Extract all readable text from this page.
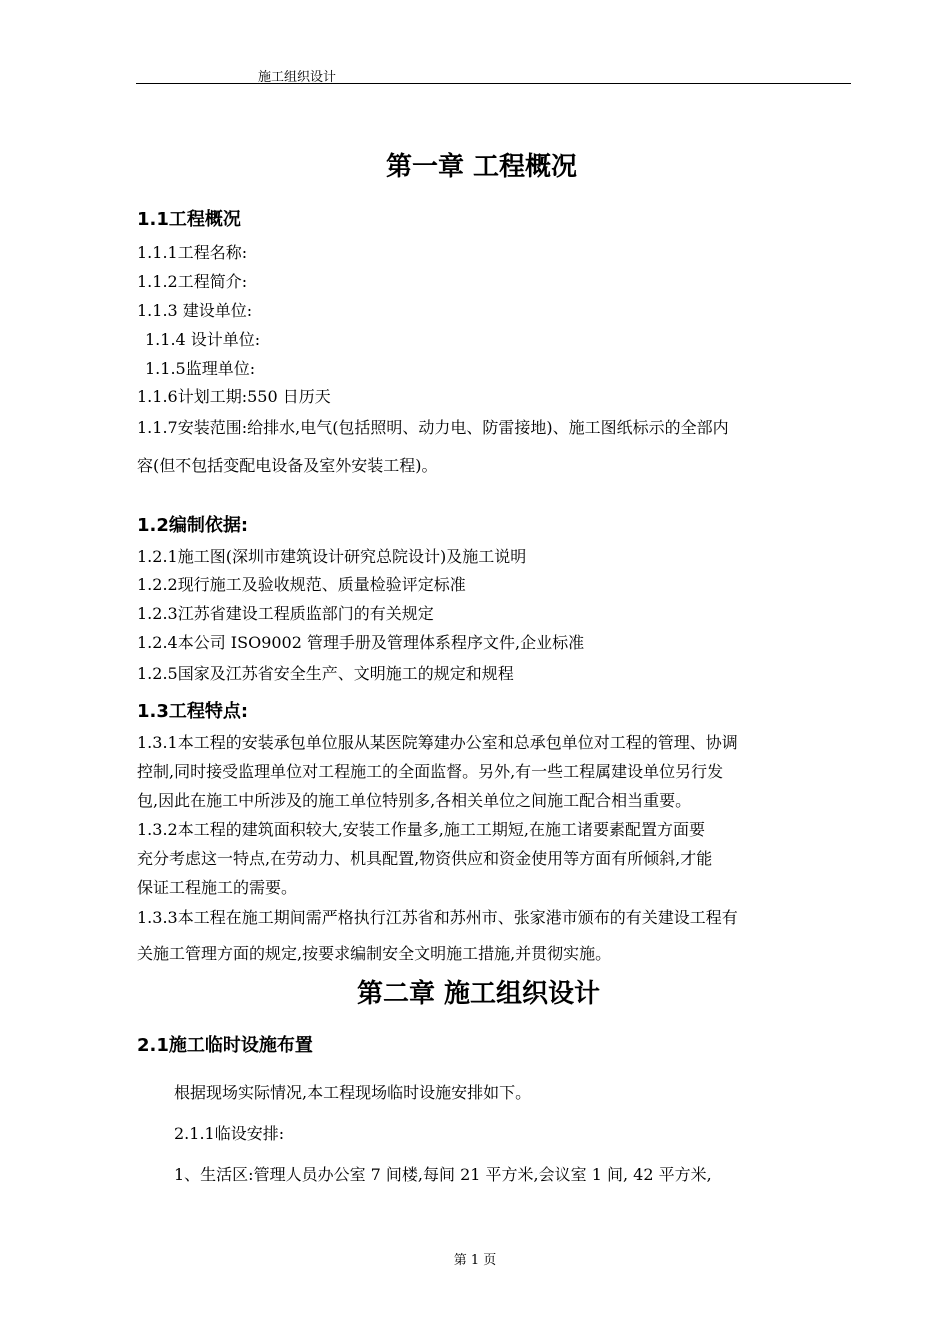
施工组织设计
第一章 工程概况
1.1工程概况
1.1.1工程名称:
1.1.2工程简介:
1.1.3 建设单位:
1.1.4 设计单位:
1.1.5监理单位:
1.1.6计划工期:550 日历天
1.1.7安装范围:给排水,电气(包括照明、动力电、防雷接地)、施工图纸标示的全部内
容(但不包括变配电设备及室外安装工程)。
1.2编制依据:
1.2.1施工图(深圳市建筑设计研究总院设计)及施工说明
1.2.2现行施工及验收规范、质量检验评定标准
1.2.3江苏省建设工程质监部门的有关规定
1.2.4本公司 ISO9002 管理手册及管理体系程序文件,企业标准
1.2.5国家及江苏省安全生产、文明施工的规定和规程
1.3工程特点:
1.3.1本工程的安装承包单位服从某医院筹建办公室和总承包单位对工程的管理、协调
控制,同时接受监理单位对工程施工的全面监督。另外,有一些工程属建设单位另行发
包,因此在施工中所涉及的施工单位特别多,各相关单位之间施工配合相当重要。
1.3.2本工程的建筑面积较大,安装工作量多,施工工期短,在施工诸要素配置方面要
充分考虑这一特点,在劳动力、机具配置,物资供应和资金使用等方面有所倾斜,才能
保证工程施工的需要。
1.3.3本工程在施工期间需严格执行江苏省和苏州市、张家港市颁布的有关建设工程有
关施工管理方面的规定,按要求编制安全文明施工措施,并贯彻实施。
第二章 施工组织设计
2.1施工临时设施布置
根据现场实际情况,本工程现场临时设施安排如下。
2.1.1临设安排:
1、生活区:管理人员办公室 7 间楼,每间 21 平方米,会议室 1 间, 42 平方米,
第 1 页
